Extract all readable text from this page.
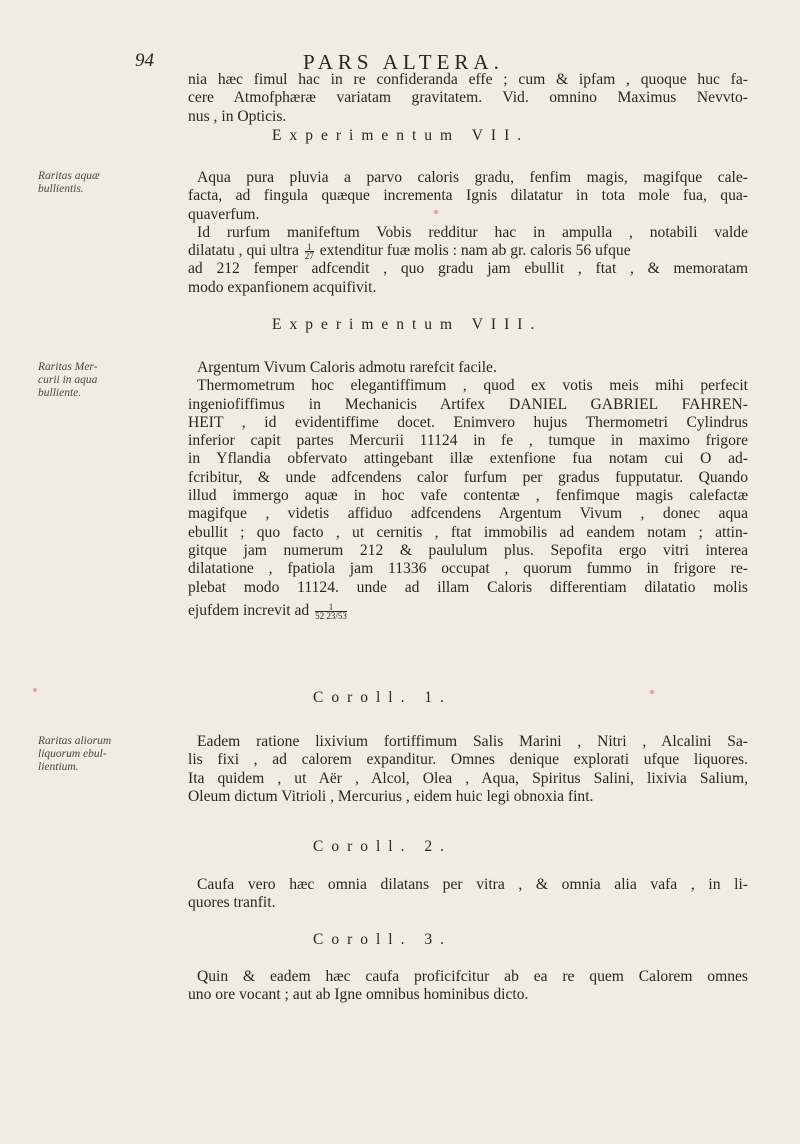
94	PARS ALTERA.
nia hæc fimul hac in re confideranda effe ; cum & ipfam , quoque huc fa-
cere Atmofphæræ variatam gravitatem. Vid. omnino Maximus Nevvto-
nus , in Opticis.
Experimentum VII.
Raritas aquæ
bullientis.
Aqua pura pluvia a parvo caloris gradu, fenfim magis, magifque cale-
facta, ad fingula quæque incrementa Ignis dilatatur in tota mole fua, qua-
quaverfum.
Id rurfum manifeftum Vobis redditur hac in ampulla , notabili valde
dilatatu , qui ultra $\frac{1}{27}$ extenditur fuæ molis : nam ab gr. caloris 56 ufque
ad 212 femper adfcendit , quo gradu jam ebullit , ftat , & memoratam
modo expanfionem acquifivit.
Experimentum VIII.
Raritas Mer-
curii in aqua
bulliente.
Argentum Vivum Caloris admotu rarefcit facile.
Thermometrum hoc elegantiffimum , quod ex votis meis mihi perfecit
ingeniofiffimus in Mechanicis Artifex DANIEL GABRIEL FAHREN-
HEIT , id evidentiffime docet. Enimvero hujus Thermometri Cylindrus
inferior capit partes Mercurii 11124 in fe , tumque in maximo frigore
in Yflandia obfervato attingebant illæ extenfione fua notam cui O ad-
fcribitur, & unde adfcendens calor furfum per gradus fupputatur. Quando
illud immergo aquæ in hoc vafe contentæ , fenfimque magis calefactæ
magifque , videtis affiduo adfcendens Argentum Vivum , donec aqua
ebullit ; quo facto , ut cernitis , ftat immobilis ad eandem notam ; attin-
gitque jam numerum 212 & paululum plus. Sepofita ergo vitri interea
dilatatione , fpatiola jam 11336 occupat , quorum fummo in frigore re-
plebat modo 11124. unde ad illam Caloris differentiam dilatatio molis
ejufdem increvit ad $\frac{1}{52 23/53}$
Coroll. 1.
Raritas aliorum
liquorum ebul-
lientium.
Eadem ratione lixivium fortiffimum Salis Marini , Nitri , Alcalini Sa-
lis fixi , ad calorem expanditur. Omnes denique explorati ufque liquores.
Ita quidem , ut Aër , Alcol, Olea , Aqua, Spiritus Salini, lixivia Salium,
Oleum dictum Vitrioli , Mercurius , eidem huic legi obnoxia fint.
Coroll. 2.
Caufa vero hæc omnia dilatans per vitra , & omnia alia vafa , in li-
quores tranfit.
Coroll. 3.
Quin & eadem hæc caufa proficifcitur ab ea re quem Calorem omnes
uno ore vocant ; aut ab Igne omnibus hominibus dicto.
